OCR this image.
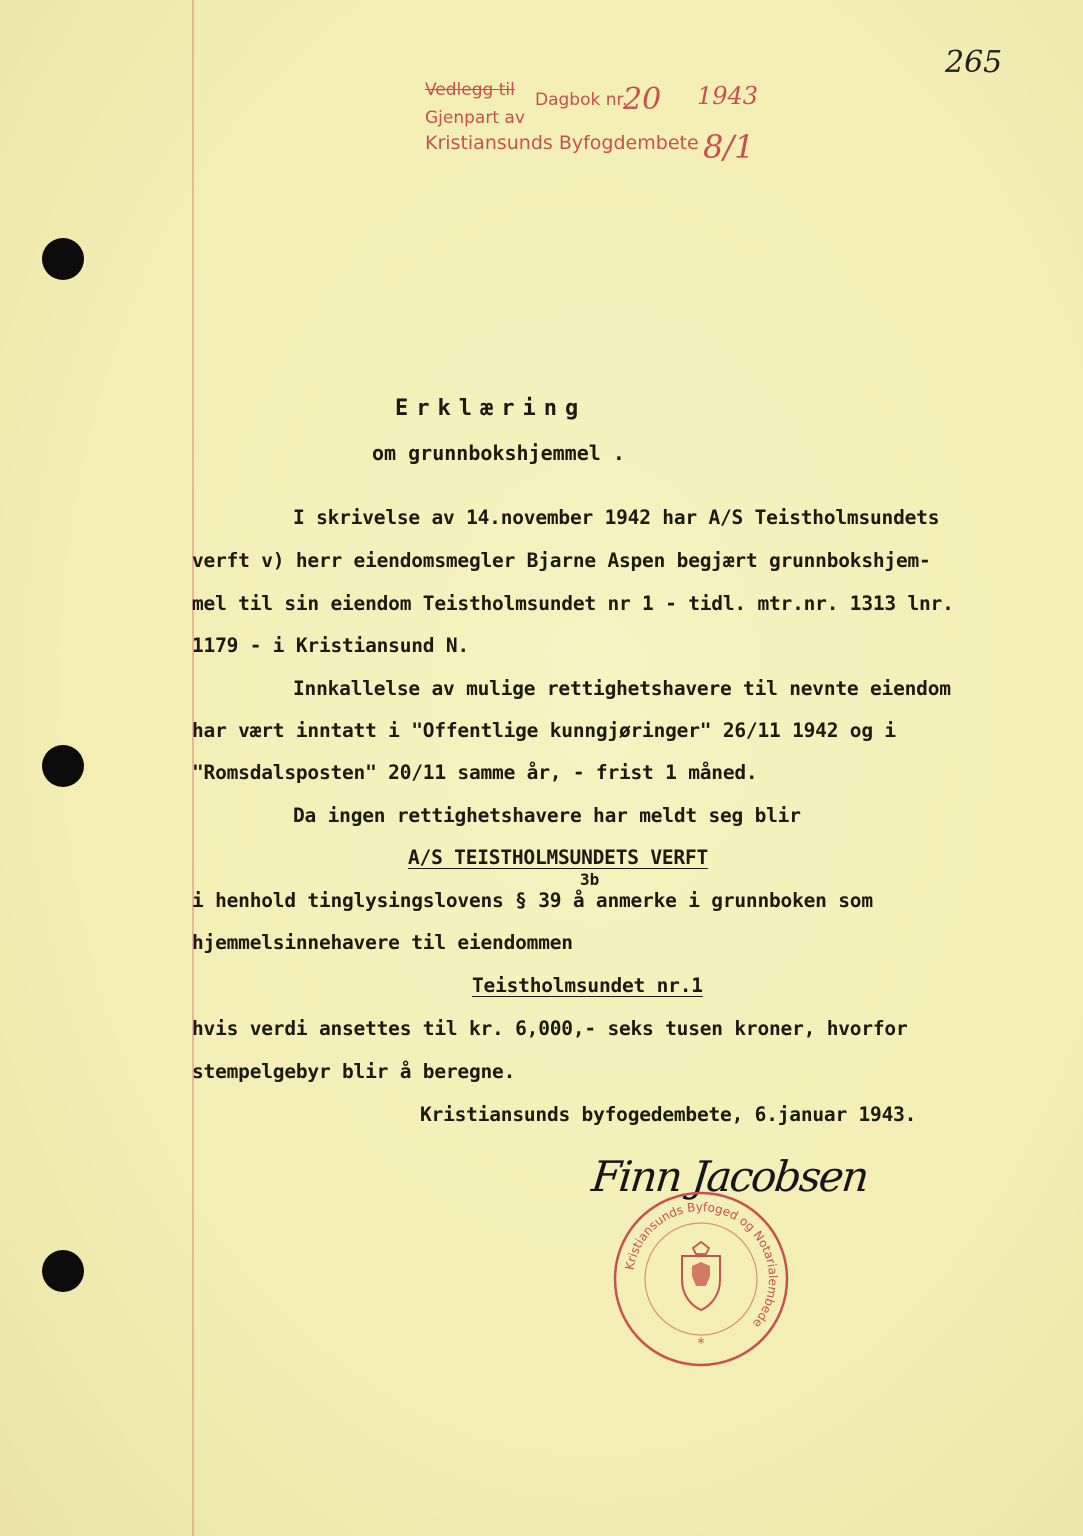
265
Vedlegg til Dagbok nr.
Gjenpart av
Kristiansunds Byfogdembete
20 1943
8/1
Erklæring
om grunnbokshjemmel .
I skrivelse av 14.november 1942 har A/S Teistholmsundets
verft v) herr eiendomsmegler Bjarne Aspen begjært grunnbokshjem-
mel til sin eiendom Teistholmsundet nr 1 - tidl. mtr.nr. 1313 lnr.
1179 - i Kristiansund N.
Innkallelse av mulige rettighetshavere til nevnte eiendom
har vært inntatt i "Offentlige kunngjøringer" 26/11 1942 og i
"Romsdalsposten" 20/11 samme år, - frist 1 måned.
Da ingen rettighetshavere har meldt seg blir
A/S TEISTHOLMSUNDETS VERFT
i henhold tinglysingslovens § 39 å anmerke i grunnboken som
3b
hjemmelsinnehavere til eiendommen
Teistholmsundet nr.1
hvis verdi ansettes til kr. 6,000,- seks tusen kroner, hvorfor
stempelgebyr blir å beregne.
Kristiansunds byfogedembete, 6.januar 1943.
Finn Jacobsen
Kristiansunds Byfoged og Notarialembede
*
